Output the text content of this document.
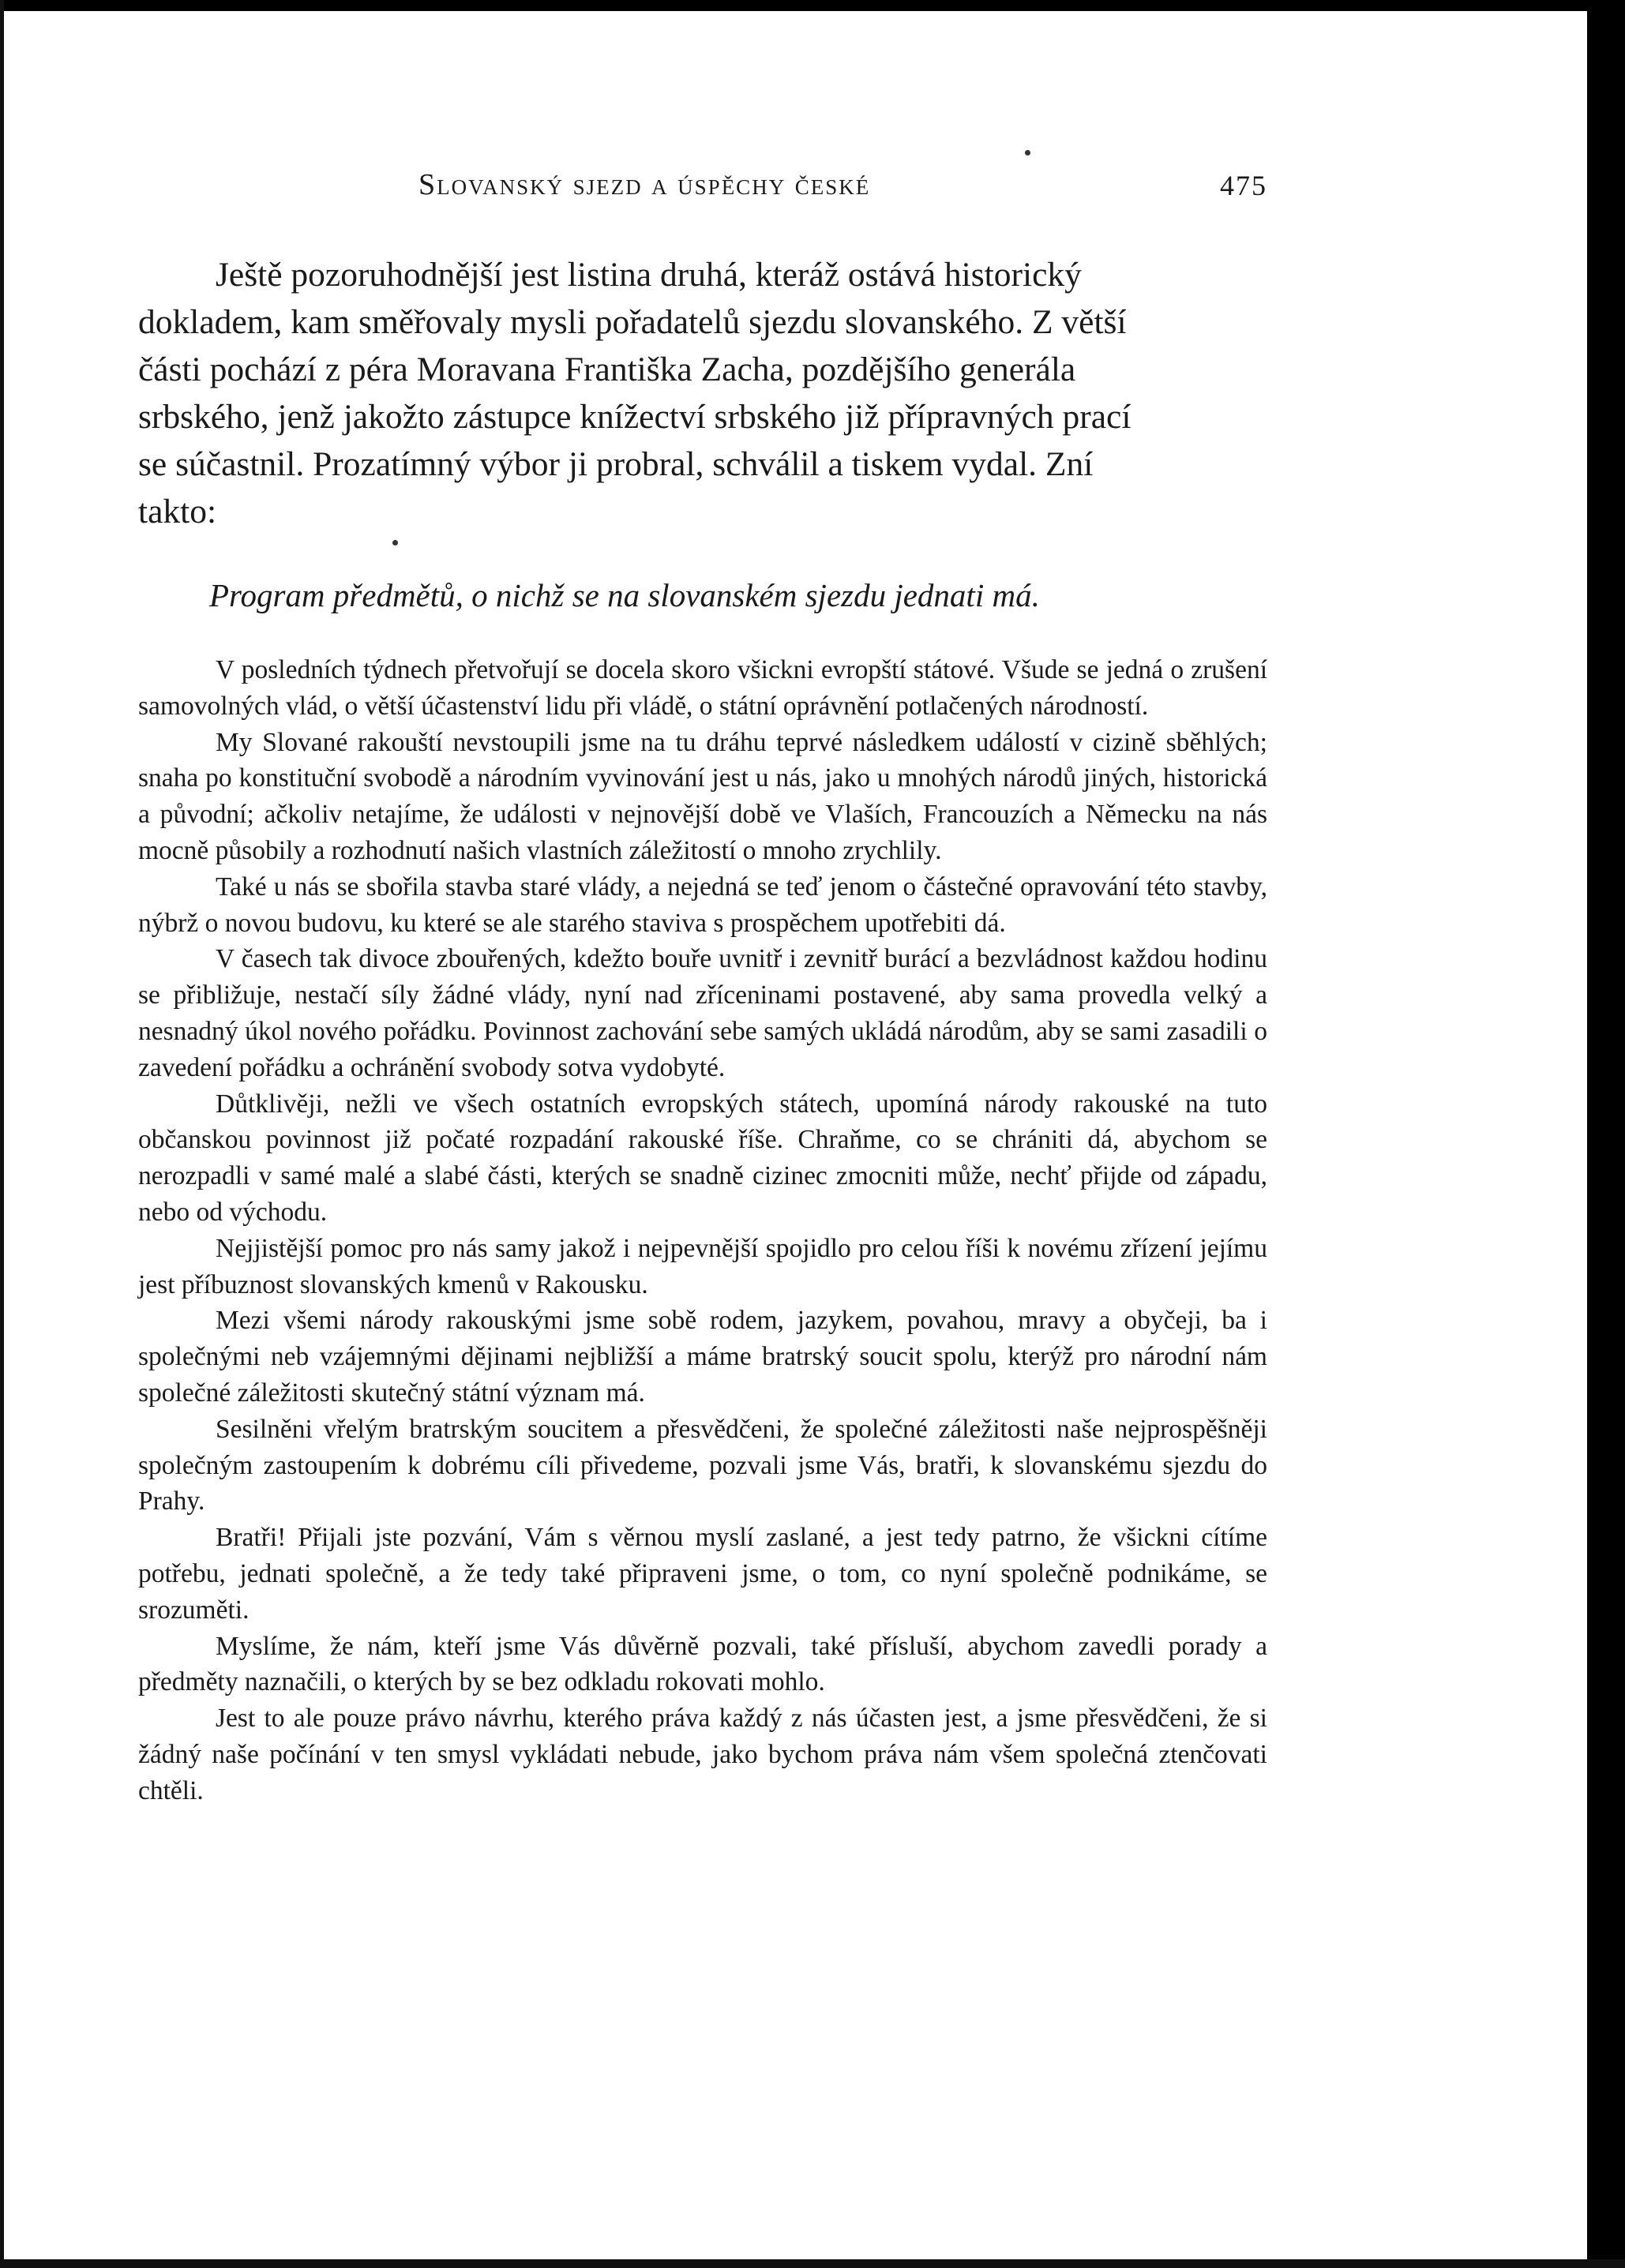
Slovanský sjezd a úspěchy české	475
Ještě pozoruhodnější jest listina druhá, kteráž ostává historický
dokladem, kam směřovaly mysli pořadatelů sjezdu slovanského. Z větší
části pochází z péra Moravana Františka Zacha, pozdějšího generála
srbského, jenž jakožto zástupce knížectví srbského již přípravných prací
se súčastnil. Prozatímný výbor ji probral, schválil a tiskem vydal. Zní
takto:
Program předmětů, o nichž se na slovanském sjezdu jednati má.

V posledních týdnech přetvořují se docela skoro všickni evropští státové. Všude se jedná o zrušení samovolných vlád, o větší účastenství lidu při vládě, o státní oprávnění potlačených národností.

My Slované rakouští nevstoupili jsme na tu dráhu teprvé následkem událostí v cizině sběhlých; snaha po konstituční svobodě a národním vyvinování jest u nás, jako u mnohých národů jiných, historická a původní; ačkoliv netajíme, že události v nejnovější době ve Vlaších, Francouzích a Německu na nás mocně působily a rozhodnutí našich vlastních záležitostí o mnoho zrychlily.

Také u nás se sbořila stavba staré vlády, a nejedná se teď jenom o částečné opravování této stavby, nýbrž o novou budovu, ku které se ale starého staviva s prospěchem upotřebiti dá.

V časech tak divoce zbouřených, kdežto bouře uvnitř i zevnitř burácí a bezvládnost každou hodinu se přibližuje, nestačí síly žádné vlády, nyní nad zříceninami postavené, aby sama provedla velký a nesnadný úkol nového pořádku. Povinnost zachování sebe samých ukládá národům, aby se sami zasadili o zavedení pořádku a ochránění svobody sotva vydobyté.

Důtklivěji, nežli ve všech ostatních evropských státech, upomíná národy rakouské na tuto občanskou povinnost již počaté rozpadání rakouské říše. Chraňme, co se chrániti dá, abychom se nerozpadli v samé malé a slabé části, kterých se snadně cizinec zmocniti může, nechť přijde od západu, nebo od východu.

Nejjistější pomoc pro nás samy jakož i nejpevnější spojidlo pro celou říši k novému zřízení jejímu jest příbuznost slovanských kmenů v Rakousku.

Mezi všemi národy rakouskými jsme sobě rodem, jazykem, povahou, mravy a obyčeji, ba i společnými neb vzájemnými dějinami nejbližší a máme bratrský soucit spolu, kterýž pro národní nám společné záležitosti skutečný státní význam má.

Sesilněni vřelým bratrským soucitem a přesvědčeni, že společné záležitosti naše nejprospěšněji společným zastoupením k dobrému cíli přivedeme, pozvali jsme Vás, bratři, k slovanskému sjezdu do Prahy.

Bratři! Přijali jste pozvání, Vám s věrnou myslí zaslané, a jest tedy patrno, že všickni cítíme potřebu, jednati společně, a že tedy také připraveni jsme, o tom, co nyní společně podnikáme, se srozuměti.

Myslíme, že nám, kteří jsme Vás důvěrně pozvali, také přísluší, abychom zavedli porady a předměty naznačili, o kterých by se bez odkladu rokovati mohlo.

Jest to ale pouze právo návrhu, kterého práva každý z nás účasten jest, a jsme přesvědčeni, že si žádný naše počínání v ten smysl vykládati nebude, jako bychom práva nám všem společná ztenčovati chtěli.
